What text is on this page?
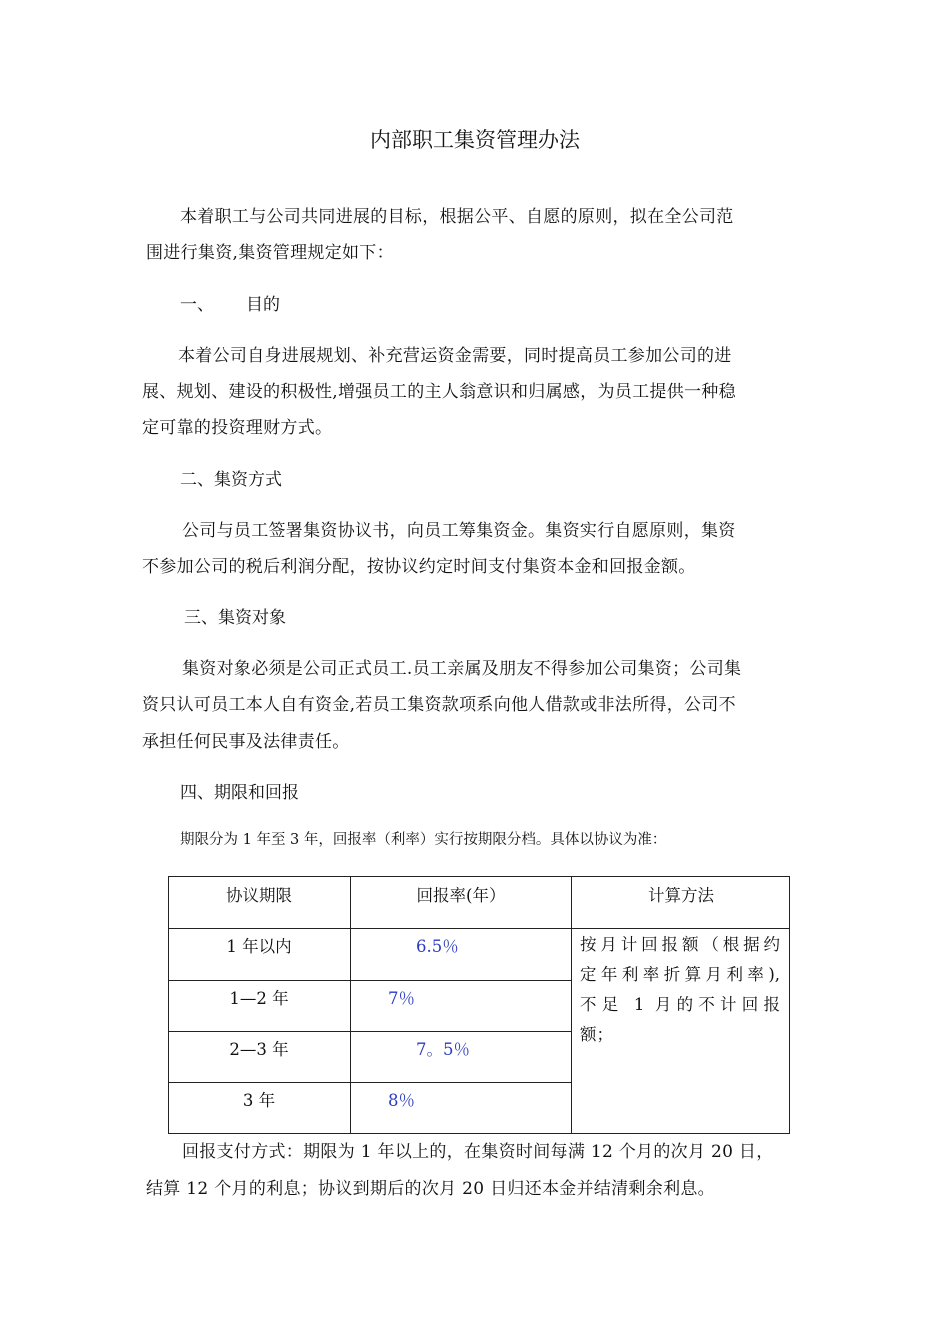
内部职工集资管理办法
本着职工与公司共同进展的目标，根据公平、自愿的原则，拟在全公司范
围进行集资,集资管理规定如下：
一、 目的
本着公司自身进展规划、补充营运资金需要，同时提高员工参加公司的进
展、规划、建设的积极性,增强员工的主人翁意识和归属感，为员工提供一种稳
定可靠的投资理财方式。
二、集资方式
公司与员工签署集资协议书，向员工筹集资金。集资实行自愿原则，集资
不参加公司的税后利润分配，按协议约定时间支付集资本金和回报金额。
三、集资对象
集资对象必须是公司正式员工.员工亲属及朋友不得参加公司集资；公司集
资只认可员工本人自有资金,若员工集资款项系向他人借款或非法所得，公司不
承担任何民事及法律责任。
四、期限和回报
期限分为 1 年至 3 年，回报率（利率）实行按期限分档。具体以协议为准：
协议期限	回报率(年）	计算方法
1 年以内
1—2 年
2—3 年
3 年
6.5％
7％
7。5％
8％
按月计回报额（根据约
定年利率折算月利率),
不足 1 月的不计回报
额；
回报支付方式：期限为 1 年以上的，在集资时间每满 12 个月的次月 20 日，
结算 12 个月的利息；协议到期后的次月 20 日归还本金并结清剩余利息。
